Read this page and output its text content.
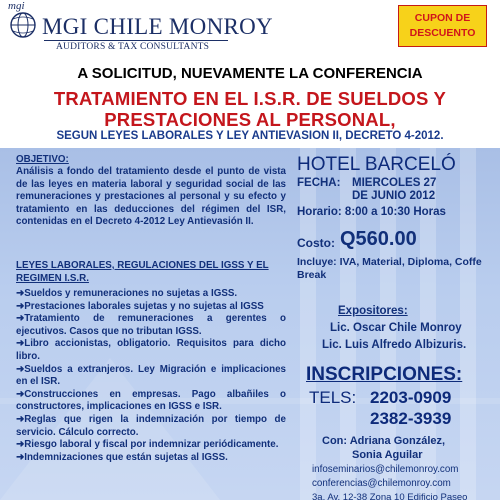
mgi
MGI CHILE MONROY
AUDITORS & TAX CONSULTANTS
CUPON DE
DESCUENTO
A SOLICITUD, NUEVAMENTE LA CONFERENCIA
TRATAMIENTO EN EL I.S.R. DE SUELDOS Y
PRESTACIONES AL PERSONAL,
SEGUN LEYES LABORALES Y LEY ANTIEVASION II, DECRETO 4-2012.
OBJETIVO:
Análisis a fondo del tratamiento desde el punto de vista de las leyes en materia laboral y seguridad social de las remuneraciones y prestaciones al personal y su efecto y tratamiento en las deducciones del régimen del ISR, contenidas en el Decreto 4-2012 Ley Antievasión II.
LEYES LABORALES, REGULACIONES DEL IGSS Y EL REGIMEN I.S.R.
➜Sueldos y remuneraciones no sujetas a IGSS.
➜Prestaciones laborales sujetas y no sujetas al IGSS
➜Tratamiento de remuneraciones a gerentes o ejecutivos. Casos que no tributan IGSS.
➜Libro accionistas, obligatorio. Requisitos para dicho libro.
➜Sueldos a extranjeros. Ley Migración e implicaciones en el ISR.
➜Construcciones en empresas. Pago albañiles o constructores, implicaciones en IGSS e ISR.
➜Reglas que rigen la indemnización por tiempo de servicio. Cálculo correcto.
➜Riesgo laboral y fiscal por indemnizar periódicamente.
➜Indemnizaciones que están sujetas al IGSS.
HOTEL BARCELÓ
FECHA: MIERCOLES 27
DE JUNIO 2012
Horario: 8:00 a 10:30 Horas
Costo: Q560.00
Incluye: IVA, Material, Diploma, Coffe Break
Expositores:
Lic. Oscar Chile Monroy
Lic. Luis Alfredo Albizuris.
INSCRIPCIONES:
TELS: 2203-0909
2382-3939
Con: Adriana González,
Sonia Aguilar
infoseminarios@chilemonroy.com
conferencias@chilemonroy.com
3a. Av. 12-38 Zona 10 Edificio Paseo
